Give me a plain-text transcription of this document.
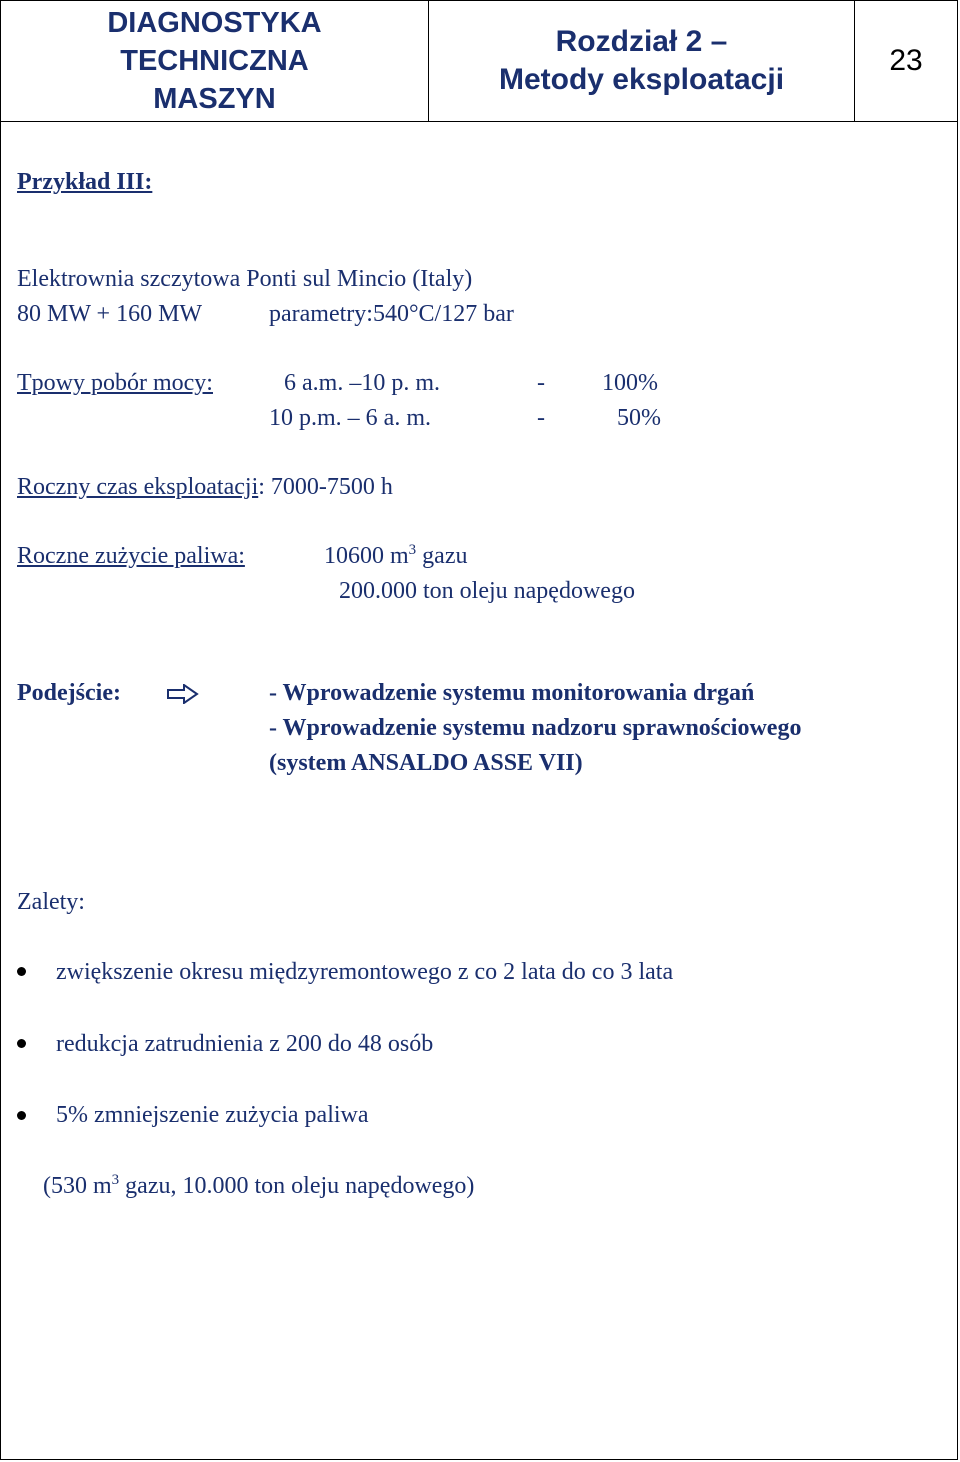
DIAGNOSTYKA
TECHNICZNA
MASZYN
Rozdział 2 –
Metody eksploatacji
23
Przykład III:
Elektrownia szczytowa Ponti sul Mincio (Italy)
80 MW + 160 MW	parametry:540°C/127 bar
Tpowy pobór mocy:	6 a.m. –10 p. m.	- 100%
10 p.m. – 6 a. m.	-	50%
Roczny czas eksploatacji: 7000-7500 h
Roczne zużycie paliwa:	10600 $m^3$ gazu
200.000 ton oleju napędowego
Podejście:	- Wprowadzenie systemu monitorowania drgań
- Wprowadzenie systemu nadzoru sprawnościowego
(system ANSALDO ASSE VII)
Zalety:
zwiększenie okresu międzyremontowego z co 2 lata do co 3 lata
redukcja zatrudnienia z 200 do 48 osób
5% zmniejszenie zużycia paliwa
(530 $m^3$ gazu, 10.000 ton oleju napędowego)
